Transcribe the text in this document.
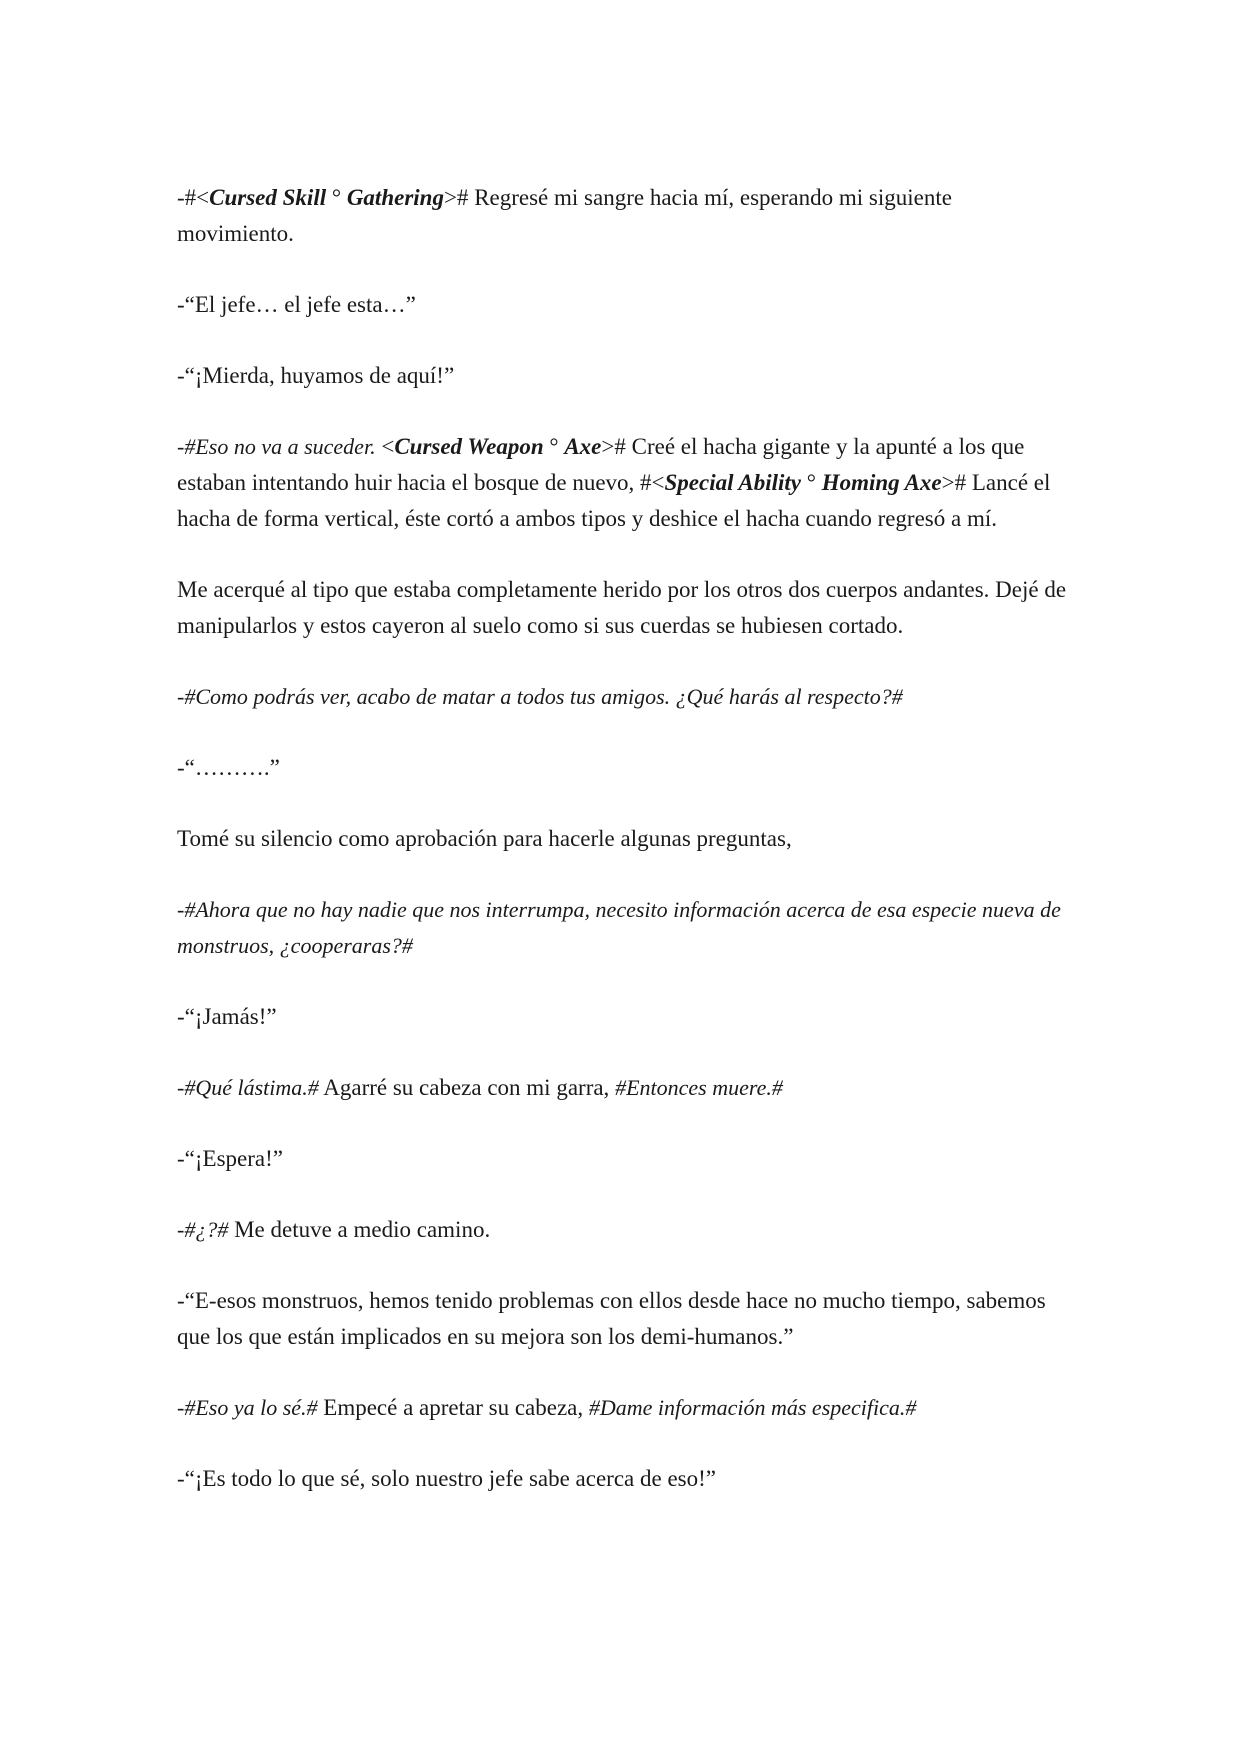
-#<Cursed Skill ° Gathering># Regresé mi sangre hacia mí, esperando mi siguiente movimiento.

-“El jefe… el jefe esta…”

-“¡Mierda, huyamos de aquí!”

-#Eso no va a suceder. <Cursed Weapon ° Axe># Creé el hacha gigante y la apunté a los que estaban intentando huir hacia el bosque de nuevo, #<Special Ability ° Homing Axe># Lancé el hacha de forma vertical, éste cortó a ambos tipos y deshice el hacha cuando regresó a mí.

Me acerqué al tipo que estaba completamente herido por los otros dos cuerpos andantes. Dejé de manipularlos y estos cayeron al suelo como si sus cuerdas se hubiesen cortado.

-#Como podrás ver, acabo de matar a todos tus amigos. ¿Qué harás al respecto?#

-“……….”

Tomé su silencio como aprobación para hacerle algunas preguntas,

-#Ahora que no hay nadie que nos interrumpa, necesito información acerca de esa especie nueva de monstruos, ¿cooperaras?#

-“¡Jamás!”

-#Qué lástima.# Agarré su cabeza con mi garra, #Entonces muere.#

-“¡Espera!”

-#¿?# Me detuve a medio camino.

-“E-esos monstruos, hemos tenido problemas con ellos desde hace no mucho tiempo, sabemos que los que están implicados en su mejora son los demi-humanos.”

-#Eso ya lo sé.# Empecé a apretar su cabeza, #Dame información más especifica.#

-“¡Es todo lo que sé, solo nuestro jefe sabe acerca de eso!”
